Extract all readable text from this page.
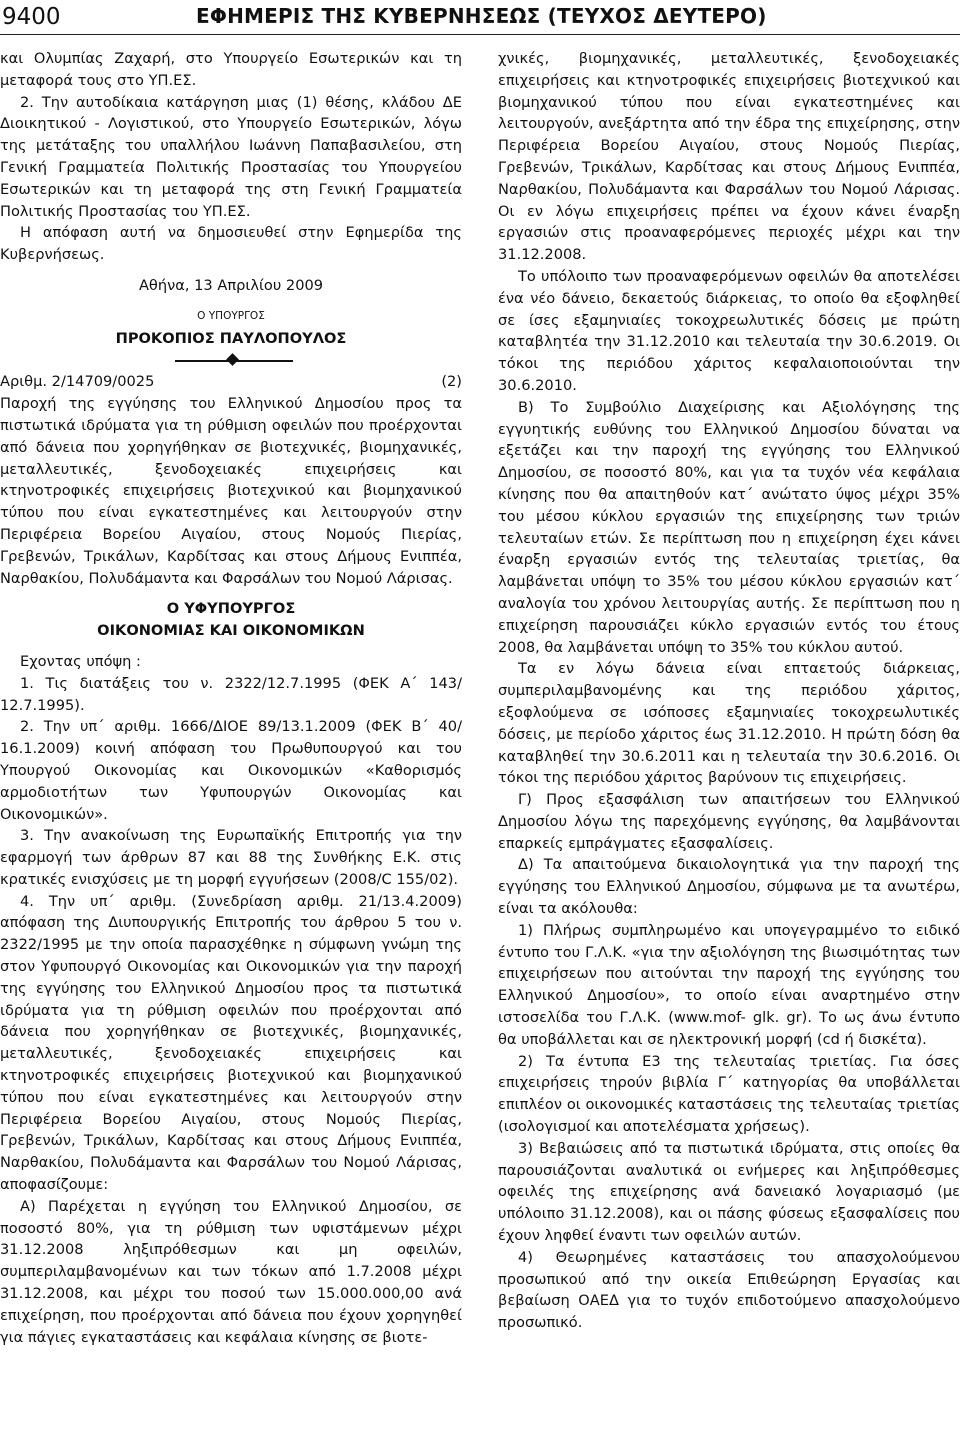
9400	ΕΦΗΜΕΡΙΣ ΤΗΣ ΚΥΒΕΡΝΗΣΕΩΣ (ΤΕΥΧΟΣ ΔΕΥΤΕΡΟ)

και Ολυμπίας Ζαχαρή, στο Υπουργείο Εσωτερικών και τη μεταφορά τους στο ΥΠ.ΕΣ.

2. Την αυτοδίκαια κατάργηση μιας (1) θέσης, κλάδου ΔΕ Διοικητικού - Λογιστικού, στο Υπουργείο Εσωτερικών, λόγω της μετάταξης του υπαλλήλου Ιωάννη Παπαβασιλείου, στη Γενική Γραμματεία Πολιτικής Προστασίας του Υπουργείου Εσωτερικών και τη μεταφορά της στη Γενική Γραμματεία Πολιτικής Προστασίας του ΥΠ.ΕΣ.

Η απόφαση αυτή να δημοσιευθεί στην Εφημερίδα της Κυβερνήσεως.

Αθήνα, 13 Απριλίου 2009

Ο ΥΠΟΥΡΓΟΣ

ΠΡΟΚΟΠΙΟΣ ΠΑΥΛΟΠΟΥΛΟΣ

Αριθμ. 2/14709/0025	(2)

Παροχή της εγγύησης του Ελληνικού Δημοσίου προς τα πιστωτικά ιδρύματα για τη ρύθμιση οφειλών που προέρχονται από δάνεια που χορηγήθηκαν σε βιοτεχνικές, βιομηχανικές, μεταλλευτικές, ξενοδοχειακές επιχειρήσεις και κτηνοτροφικές επιχειρήσεις βιοτεχνικού και βιομηχανικού τύπου που είναι εγκατεστημένες και λειτουργούν στην Περιφέρεια Βορείου Αιγαίου, στους Νομούς Πιερίας, Γρεβενών, Τρικάλων, Καρδίτσας και στους Δήμους Ενιππέα, Ναρθακίου, Πολυδάμαντα και Φαρσάλων του Νομού Λάρισας.

Ο ΥΦΥΠΟΥΡΓΟΣ

ΟΙΚΟΝΟΜΙΑΣ ΚΑΙ ΟΙΚΟΝΟΜΙΚΩΝ

Εχοντας υπόψη :

1. Τις διατάξεις του ν. 2322/12.7.1995 (ΦΕΚ Α΄ 143/ 12.7.1995).

2. Την υπ΄ αριθμ. 1666/ΔΙΟΕ 89/13.1.2009 (ΦΕΚ Β΄ 40/ 16.1.2009) κοινή απόφαση του Πρωθυπουργού και του Υπουργού Οικονομίας και Οικονομικών «Καθορισμός αρμοδιοτήτων των Υφυπουργών Οικονομίας και Οικονομικών».

3. Την ανακοίνωση της Ευρωπαϊκής Επιτροπής για την εφαρμογή των άρθρων 87 και 88 της Συνθήκης Ε.Κ. στις κρατικές ενισχύσεις με τη μορφή εγγυήσεων (2008/C 155/02).

4. Την υπ΄ αριθμ. (Συνεδρίαση αριθμ. 21/13.4.2009) απόφαση της Διυπουργικής Επιτροπής του άρθρου 5 του ν. 2322/1995 με την οποία παρασχέθηκε η σύμφωνη γνώμη της στον Υφυπουργό Οικονομίας και Οικονομικών για την παροχή της εγγύησης του Ελληνικού Δημοσίου προς τα πιστωτικά ιδρύματα για τη ρύθμιση οφειλών που προέρχονται από δάνεια που χορηγήθηκαν σε βιοτεχνικές, βιομηχανικές, μεταλλευτικές, ξενοδοχειακές επιχειρήσεις και κτηνοτροφικές επιχειρήσεις βιοτεχνικού και βιομηχανικού τύπου που είναι εγκατεστημένες και λειτουργούν στην Περιφέρεια Βορείου Αιγαίου, στους Νομούς Πιερίας, Γρεβενών, Τρικάλων, Καρδίτσας και στους Δήμους Ενιππέα, Ναρθακίου, Πολυδάμαντα και Φαρσάλων του Νομού Λάρισας, αποφασίζουμε:

Α) Παρέχεται η εγγύηση του Ελληνικού Δημοσίου, σε ποσοστό 80%, για τη ρύθμιση των υφιστάμενων μέχρι 31.12.2008 ληξιπρόθεσμων και μη οφειλών, συμπεριλαμβανομένων και των τόκων από 1.7.2008 μέχρι 31.12.2008, και μέχρι του ποσού των 15.000.000,00 ανά επιχείρηση, που προέρχονται από δάνεια που έχουν χορηγηθεί για πάγιες εγκαταστάσεις και κεφάλαια κίνησης σε βιοτε-

χνικές, βιομηχανικές, μεταλλευτικές, ξενοδοχειακές επιχειρήσεις και κτηνοτροφικές επιχειρήσεις βιοτεχνικού και βιομηχανικού τύπου που είναι εγκατεστημένες και λειτουργούν, ανεξάρτητα από την έδρα της επιχείρησης, στην Περιφέρεια Βορείου Αιγαίου, στους Νομούς Πιερίας, Γρεβενών, Τρικάλων, Καρδίτσας και στους Δήμους Ενιππέα, Ναρθακίου, Πολυδάμαντα και Φαρσάλων του Νομού Λάρισας. Οι εν λόγω επιχειρήσεις πρέπει να έχουν κάνει έναρξη εργασιών στις προαναφερόμενες περιοχές μέχρι και την 31.12.2008.

Το υπόλοιπο των προαναφερόμενων οφειλών θα αποτελέσει ένα νέο δάνειο, δεκαετούς διάρκειας, το οποίο θα εξοφληθεί σε ίσες εξαμηνιαίες τοκοχρεωλυτικές δόσεις με πρώτη καταβλητέα την 31.12.2010 και τελευταία την 30.6.2019. Οι τόκοι της περιόδου χάριτος κεφαλαιοποιούνται την 30.6.2010.

Β) Το Συμβούλιο Διαχείρισης και Αξιολόγησης της εγγυητικής ευθύνης του Ελληνικού Δημοσίου δύναται να εξετάζει και την παροχή της εγγύησης του Ελληνικού Δημοσίου, σε ποσοστό 80%, και για τα τυχόν νέα κεφάλαια κίνησης που θα απαιτηθούν κατ΄ ανώτατο ύψος μέχρι 35% του μέσου κύκλου εργασιών της επιχείρησης των τριών τελευταίων ετών. Σε περίπτωση που η επιχείρηση έχει κάνει έναρξη εργασιών εντός της τελευταίας τριετίας, θα λαμβάνεται υπόψη το 35% του μέσου κύκλου εργασιών κατ΄ αναλογία του χρόνου λειτουργίας αυτής. Σε περίπτωση που η επιχείρηση παρουσιάζει κύκλο εργασιών εντός του έτους 2008, θα λαμβάνεται υπόψη το 35% του κύκλου αυτού.

Τα εν λόγω δάνεια είναι επταετούς διάρκειας, συμπεριλαμβανομένης και της περιόδου χάριτος, εξοφλούμενα σε ισόποσες εξαμηνιαίες τοκοχρεωλυτικές δόσεις, με περίοδο χάριτος έως 31.12.2010. Η πρώτη δόση θα καταβληθεί την 30.6.2011 και η τελευταία την 30.6.2016. Οι τόκοι της περιόδου χάριτος βαρύνουν τις επιχειρήσεις.

Γ) Προς εξασφάλιση των απαιτήσεων του Ελληνικού Δημοσίου λόγω της παρεχόμενης εγγύησης, θα λαμβάνονται επαρκείς εμπράγματες εξασφαλίσεις.

Δ) Τα απαιτούμενα δικαιολογητικά για την παροχή της εγγύησης του Ελληνικού Δημοσίου, σύμφωνα με τα ανωτέρω, είναι τα ακόλουθα:

1) Πλήρως συμπληρωμένο και υπογεγραμμένο το ειδικό έντυπο του Γ.Λ.Κ. «για την αξιολόγηση της βιωσιμότητας των επιχειρήσεων που αιτούνται την παροχή της εγγύησης του Ελληνικού Δημοσίου», το οποίο είναι αναρτημένο στην ιστοσελίδα του Γ.Λ.Κ. (www.mof- glk. gr). Το ως άνω έντυπο θα υποβάλλεται και σε ηλεκτρονική μορφή (cd ή δισκέτα).

2) Τα έντυπα Ε3 της τελευταίας τριετίας. Για όσες επιχειρήσεις τηρούν βιβλία Γ΄ κατηγορίας θα υποβάλλεται επιπλέον οι οικονομικές καταστάσεις της τελευταίας τριετίας (ισολογισμοί και αποτελέσματα χρήσεως).

3) Βεβαιώσεις από τα πιστωτικά ιδρύματα, στις οποίες θα παρουσιάζονται αναλυτικά οι ενήμερες και ληξιπρόθεσμες οφειλές της επιχείρησης ανά δανειακό λογαριασμό (με υπόλοιπο 31.12.2008), και οι πάσης φύσεως εξασφαλίσεις που έχουν ληφθεί έναντι των οφειλών αυτών.

4) Θεωρημένες καταστάσεις του απασχολούμενου προσωπικού από την οικεία Επιθεώρηση Εργασίας και βεβαίωση ΟΑΕΔ για το τυχόν επιδοτούμενο απασχολούμενο προσωπικό.
